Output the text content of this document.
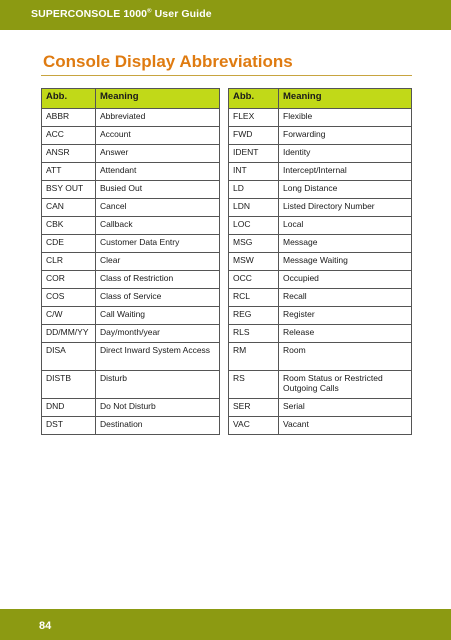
SUPERCONSOLE 1000® User Guide
Console Display Abbreviations
Abb.	Meaning
ABBR	Abbreviated
ACC	Account
ANSR	Answer
ATT	Attendant
BSY OUT	Busied Out
CAN	Cancel
CBK	Callback
CDE	Customer Data Entry
CLR	Clear
COR	Class of Restriction
COS	Class of Service
C/W	Call Waiting
DD/MM/YY	Day/month/year
DISA	Direct Inward System Access
DISTB	Disturb
DND	Do Not Disturb
DST	Destination
Abb.	Meaning
FLEX	Flexible
FWD	Forwarding
IDENT	Identity
INT	Intercept/Internal
LD	Long Distance
LDN	Listed Directory Number
LOC	Local
MSG	Message
MSW	Message Waiting
OCC	Occupied
RCL	Recall
REG	Register
RLS	Release
RM	Room
RS	Room Status or Restricted Outgoing Calls
SER	Serial
VAC	Vacant
84
